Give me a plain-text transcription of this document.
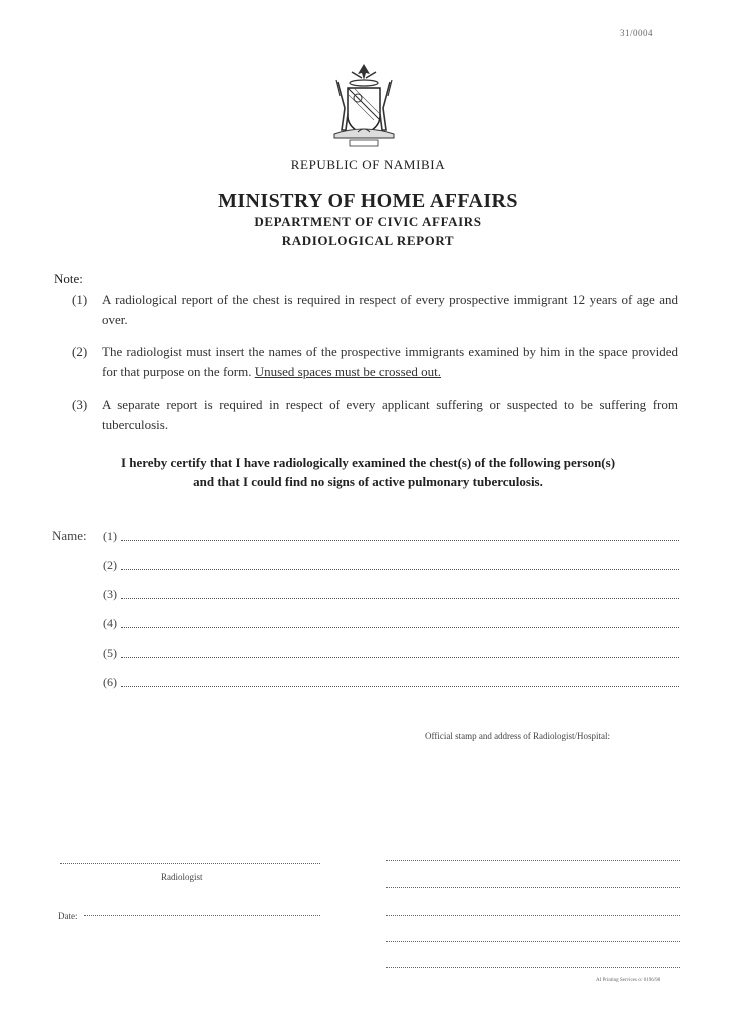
31/0004
REPUBLIC OF NAMIBIA
MINISTRY OF HOME AFFAIRS
DEPARTMENT OF CIVIC AFFAIRS
RADIOLOGICAL REPORT
Note:
(1) A radiological report of the chest is required in respect of every prospective immigrant 12 years of age and over.
(2) The radiologist must insert the names of the prospective immigrants examined by him in the space provided for that purpose on the form. Unused spaces must be crossed out.
(3) A separate report is required in respect of every applicant suffering or suspected to be suffering from tuberculosis.
I hereby certify that I have radiologically examined the chest(s) of the following person(s)
and that I could find no signs of active pulmonary tuberculosis.
Name: (1)
(2)
(3)
(4)
(5)
(6)
Official stamp and address of Radiologist/Hospital:
Radiologist
Date:
AI Printing Services cc 0196/98
